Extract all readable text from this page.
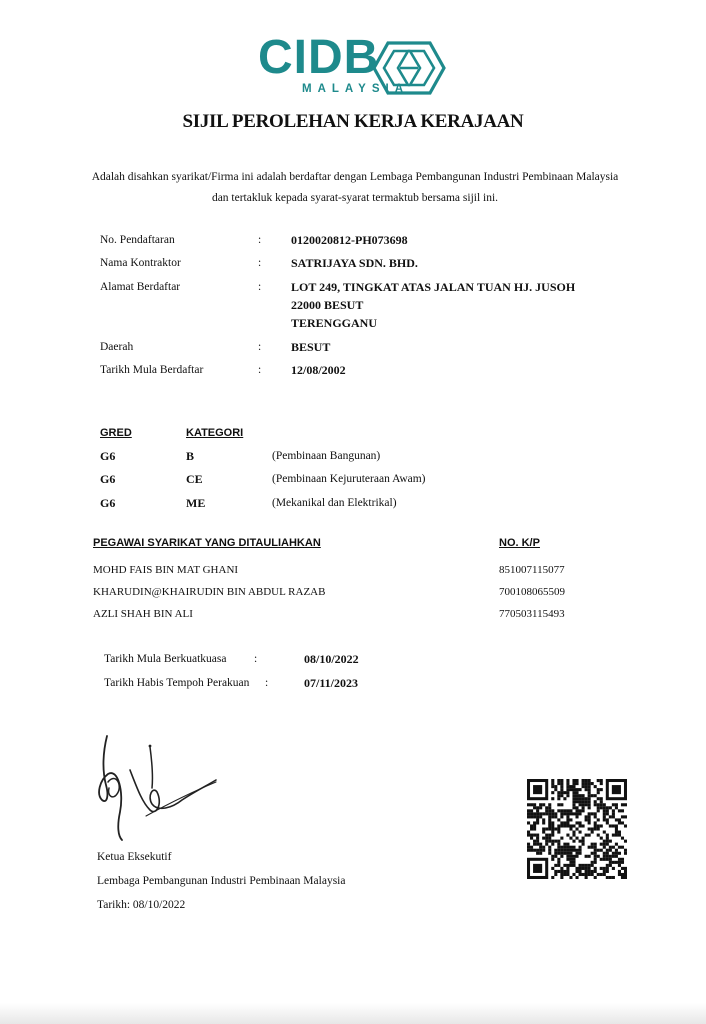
CIDB
MALAYSIA
SIJIL PEROLEHAN KERJA KERAJAAN
Adalah disahkan syarikat/Firma ini adalah berdaftar dengan Lembaga Pembangunan Industri Pembinaan Malaysia dan tertakluk kepada syarat-syarat termaktub bersama sijil ini.
No. Pendaftaran	: 0120020812-PH073698
Nama Kontraktor	: SATRIJAYA SDN. BHD.
Alamat Berdaftar	: LOT 249, TINGKAT ATAS JALAN TUAN HJ. JUSOH
22000 BESUT
TERENGGANU
Daerah	: BESUT
Tarikh Mula Berdaftar	: 12/08/2002
GRED	KATEGORI
G6	B	(Pembinaan Bangunan)
G6	CE	(Pembinaan Kejuruteraan Awam)
G6	ME	(Mekanikal dan Elektrikal)
PEGAWAI SYARIKAT YANG DITAULIAHKAN	NO. K/P
MOHD FAIS BIN MAT GHANI	851007115077
KHARUDIN@KHAIRUDIN BIN ABDUL RAZAB	700108065509
AZLI SHAH BIN ALI	770503115493
Tarikh Mula Berkuatkuasa :	08/10/2022
Tarikh Habis Tempoh Perakuan :	07/11/2023
Ketua Eksekutif
Lembaga Pembangunan Industri Pembinaan Malaysia
Tarikh: 08/10/2022
